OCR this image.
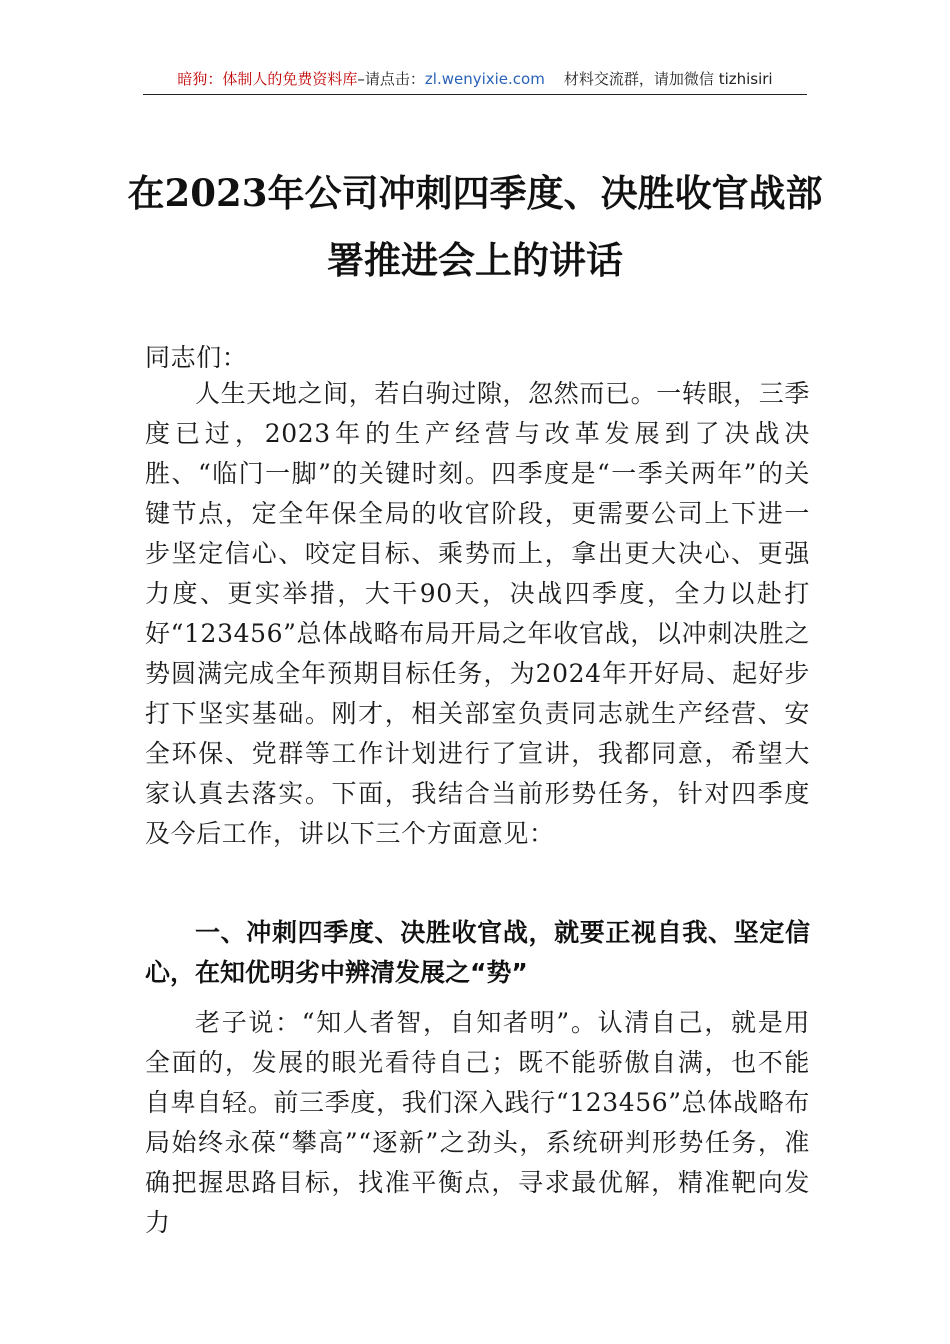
暗狗：体制人的免费资料库–请点击：zl.wenyixie.com 材料交流群，请加微信 tizhisiri
在2023年公司冲刺四季度、决胜收官战部
署推进会上的讲话
同志们：
人生天地之间，若白驹过隙，忽然而已。一转眼，三季度已过，2023年的生产经营与改革发展到了决战决胜、“临门一脚”的关键时刻。四季度是“一季关两年”的关键节点，定全年保全局的收官阶段，更需要公司上下进一步坚定信心、咬定目标、乘势而上，拿出更大决心、更强力度、更实举措，大干90天，决战四季度，全力以赴打好“123456”总体战略布局开局之年收官战，以冲刺决胜之势圆满完成全年预期目标任务，为2024年开好局、起好步打下坚实基础。刚才，相关部室负责同志就生产经营、安全环保、党群等工作计划进行了宣讲，我都同意，希望大家认真去落实。下面，我结合当前形势任务，针对四季度及今后工作，讲以下三个方面意见：
一、冲刺四季度、决胜收官战，就要正视自我、坚定信心，在知优明劣中辨清发展之“势”
老子说：“知人者智，自知者明”。认清自己，就是用全面的，发展的眼光看待自己；既不能骄傲自满，也不能自卑自轻。前三季度，我们深入践行“123456”总体战略布局始终永葆“攀高”“逐新”之劲头，系统研判形势任务，准确把握思路目标，找准平衡点，寻求最优解，精准靶向发力
